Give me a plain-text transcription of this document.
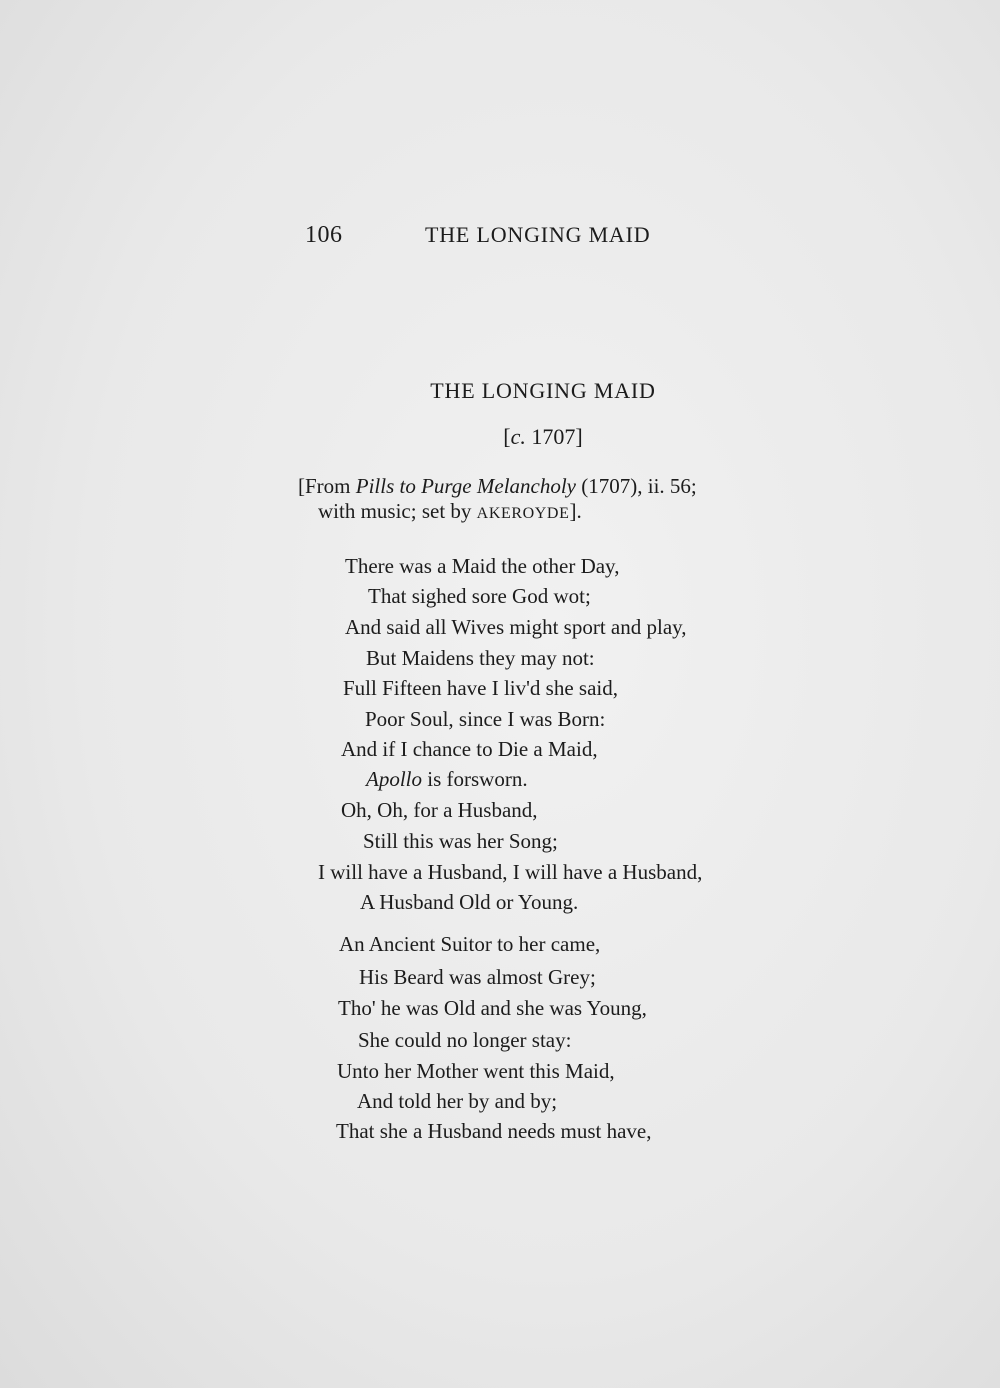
106	THE LONGING MAID
THE LONGING MAID
[c. 1707]
[From Pills to Purge Melancholy (1707), ii. 56;
with music; set by AKEROYDE].
There was a Maid the other Day,
That sighed sore God wot;
And said all Wives might sport and play,
But Maidens they may not:
Full Fifteen have I liv'd she said,
Poor Soul, since I was Born:
And if I chance to Die a Maid,
Apollo is forsworn.
Oh, Oh, for a Husband,
Still this was her Song;
I will have a Husband, I will have a Husband,
A Husband Old or Young.
An Ancient Suitor to her came,
His Beard was almost Grey;
Tho' he was Old and she was Young,
She could no longer stay:
Unto her Mother went this Maid,
And told her by and by;
That she a Husband needs must have,
